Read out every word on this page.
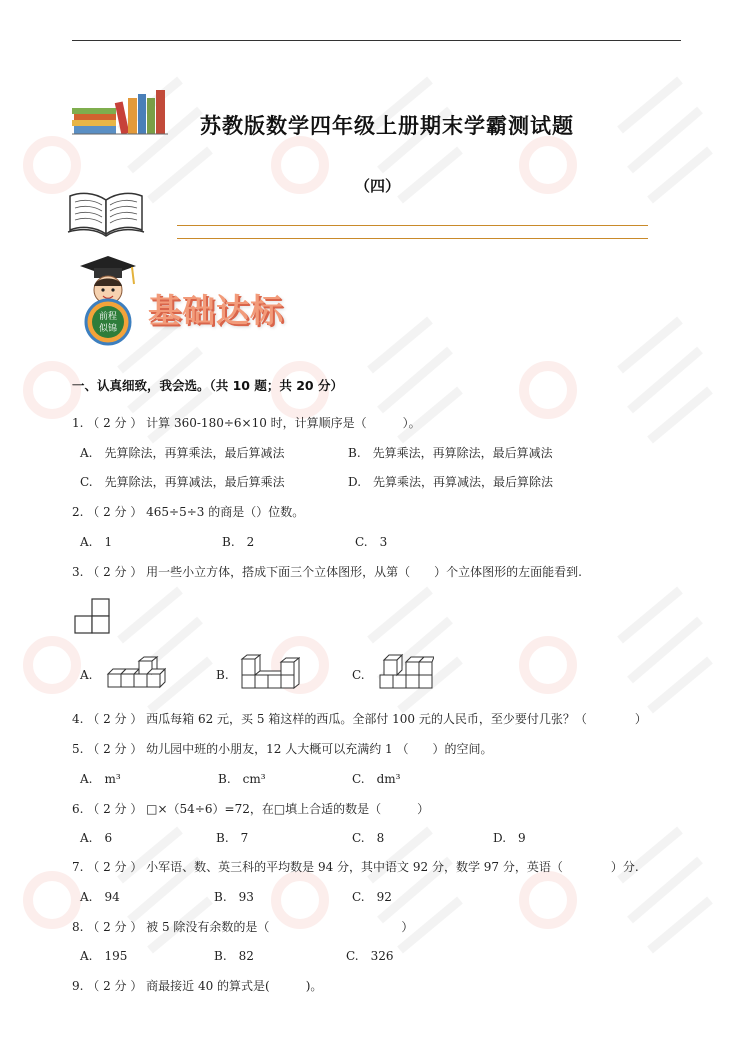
苏教版数学四年级上册期末学霸测试题
（四）
前程
似锦 基础达标
一、认真细致，我会选。（共 10 题；共 20 分）
1. （ 2 分 ） 计算 360-180÷6×10 时，计算顺序是（　　　）。
A.　先算除法，再算乘法，最后算减法	B.　先算乘法，再算除法，最后算减法
C.　先算除法，再算减法，最后算乘法	D.　先算乘法，再算减法，最后算除法
2. （ 2 分 ） 465÷5÷3 的商是（）位数。
A.　1	B.　2	C.　3
3. （ 2 分 ） 用一些小立方体，搭成下面三个立体图形，从第（　　）个立体图形的左面能看到.
A.	B.	C.
4. （ 2 分 ） 西瓜每箱 62 元，买 5 箱这样的西瓜。全部付 100 元的人民币，至少要付几张？（　　　　）
5. （ 2 分 ） 幼儿园中班的小朋友，12 人大概可以充满约 1 （　　）的空间。
A.　m³	B.　cm³	C.　dm³
6. （ 2 分 ） □×（54÷6）=72，在□填上合适的数是（　　　）
A.　6	B.　7	C.　8	D.　9
7. （ 2 分 ） 小军语、数、英三科的平均数是 94 分，其中语文 92 分，数学 97 分，英语（　　　　）分.
A.　94	B.　93	C.　92
8. （ 2 分 ） 被 5 除没有余数的是（　　　　　　　　　　　）
A.　195	B.　82	C.　326
9. （ 2 分 ） 商最接近 40 的算式是(　　　)。
